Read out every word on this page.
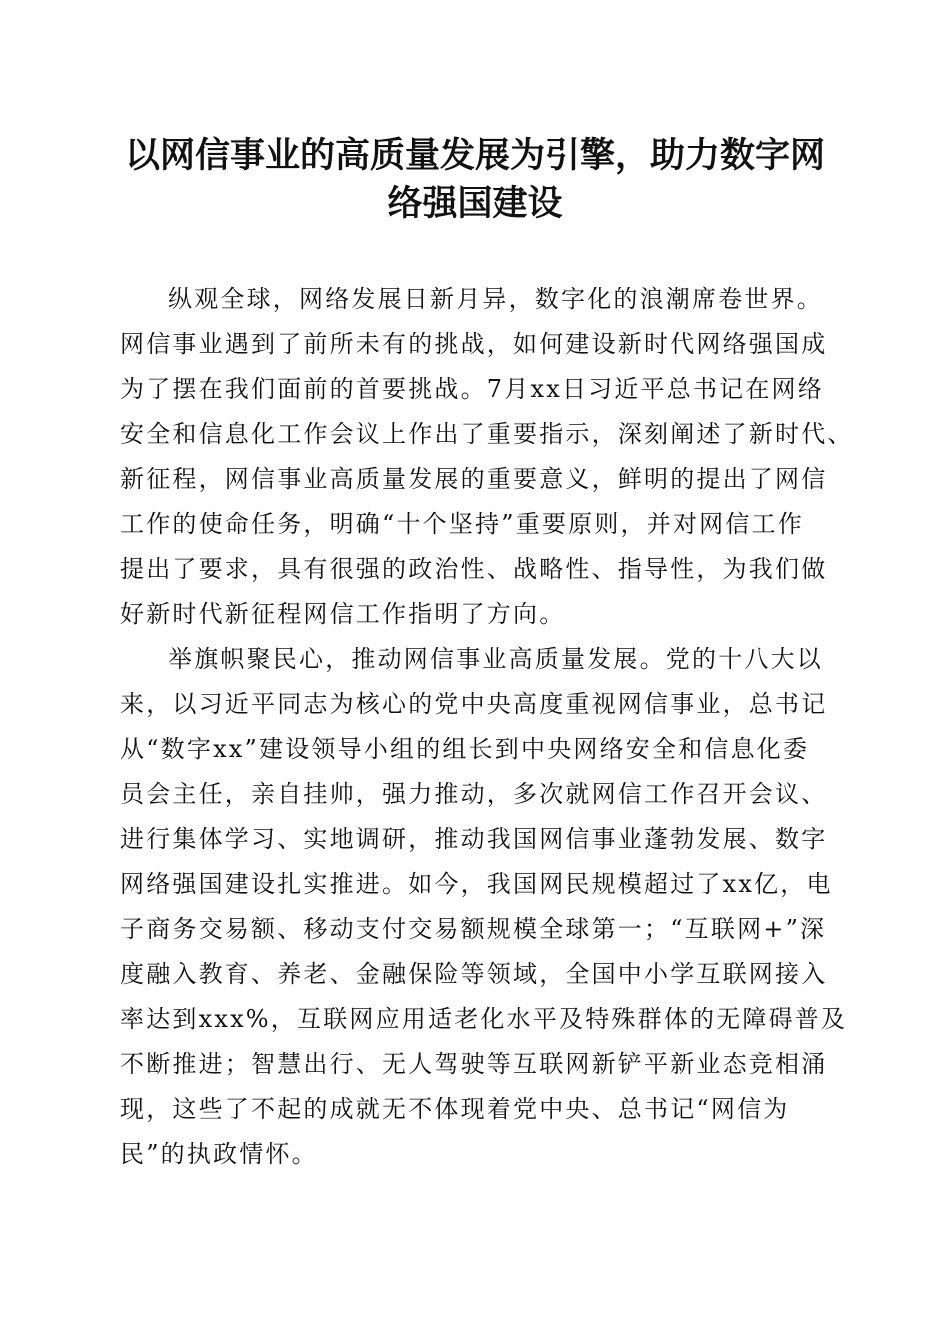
以网信事业的高质量发展为引擎，助力数字网
络强国建设
纵观全球，网络发展日新月异，数字化的浪潮席卷世界。
网信事业遇到了前所未有的挑战，如何建设新时代网络强国成
为了摆在我们面前的首要挑战。7月xx日习近平总书记在网络
安全和信息化工作会议上作出了重要指示，深刻阐述了新时代、
新征程，网信事业高质量发展的重要意义，鲜明的提出了网信
工作的使命任务，明确“十个坚持”重要原则，并对网信工作
提出了要求，具有很强的政治性、战略性、指导性，为我们做
好新时代新征程网信工作指明了方向。
举旗帜聚民心，推动网信事业高质量发展。党的十八大以
来，以习近平同志为核心的党中央高度重视网信事业，总书记
从“数字xx”建设领导小组的组长到中央网络安全和信息化委
员会主任，亲自挂帅，强力推动，多次就网信工作召开会议、
进行集体学习、实地调研，推动我国网信事业蓬勃发展、数字
网络强国建设扎实推进。如今，我国网民规模超过了xx亿，电
子商务交易额、移动支付交易额规模全球第一；“互联网+”深
度融入教育、养老、金融保险等领域，全国中小学互联网接入
率达到xxx%，互联网应用适老化水平及特殊群体的无障碍普及
不断推进；智慧出行、无人驾驶等互联网新铲平新业态竞相涌
现，这些了不起的成就无不体现着党中央、总书记“网信为
民”的执政情怀。
